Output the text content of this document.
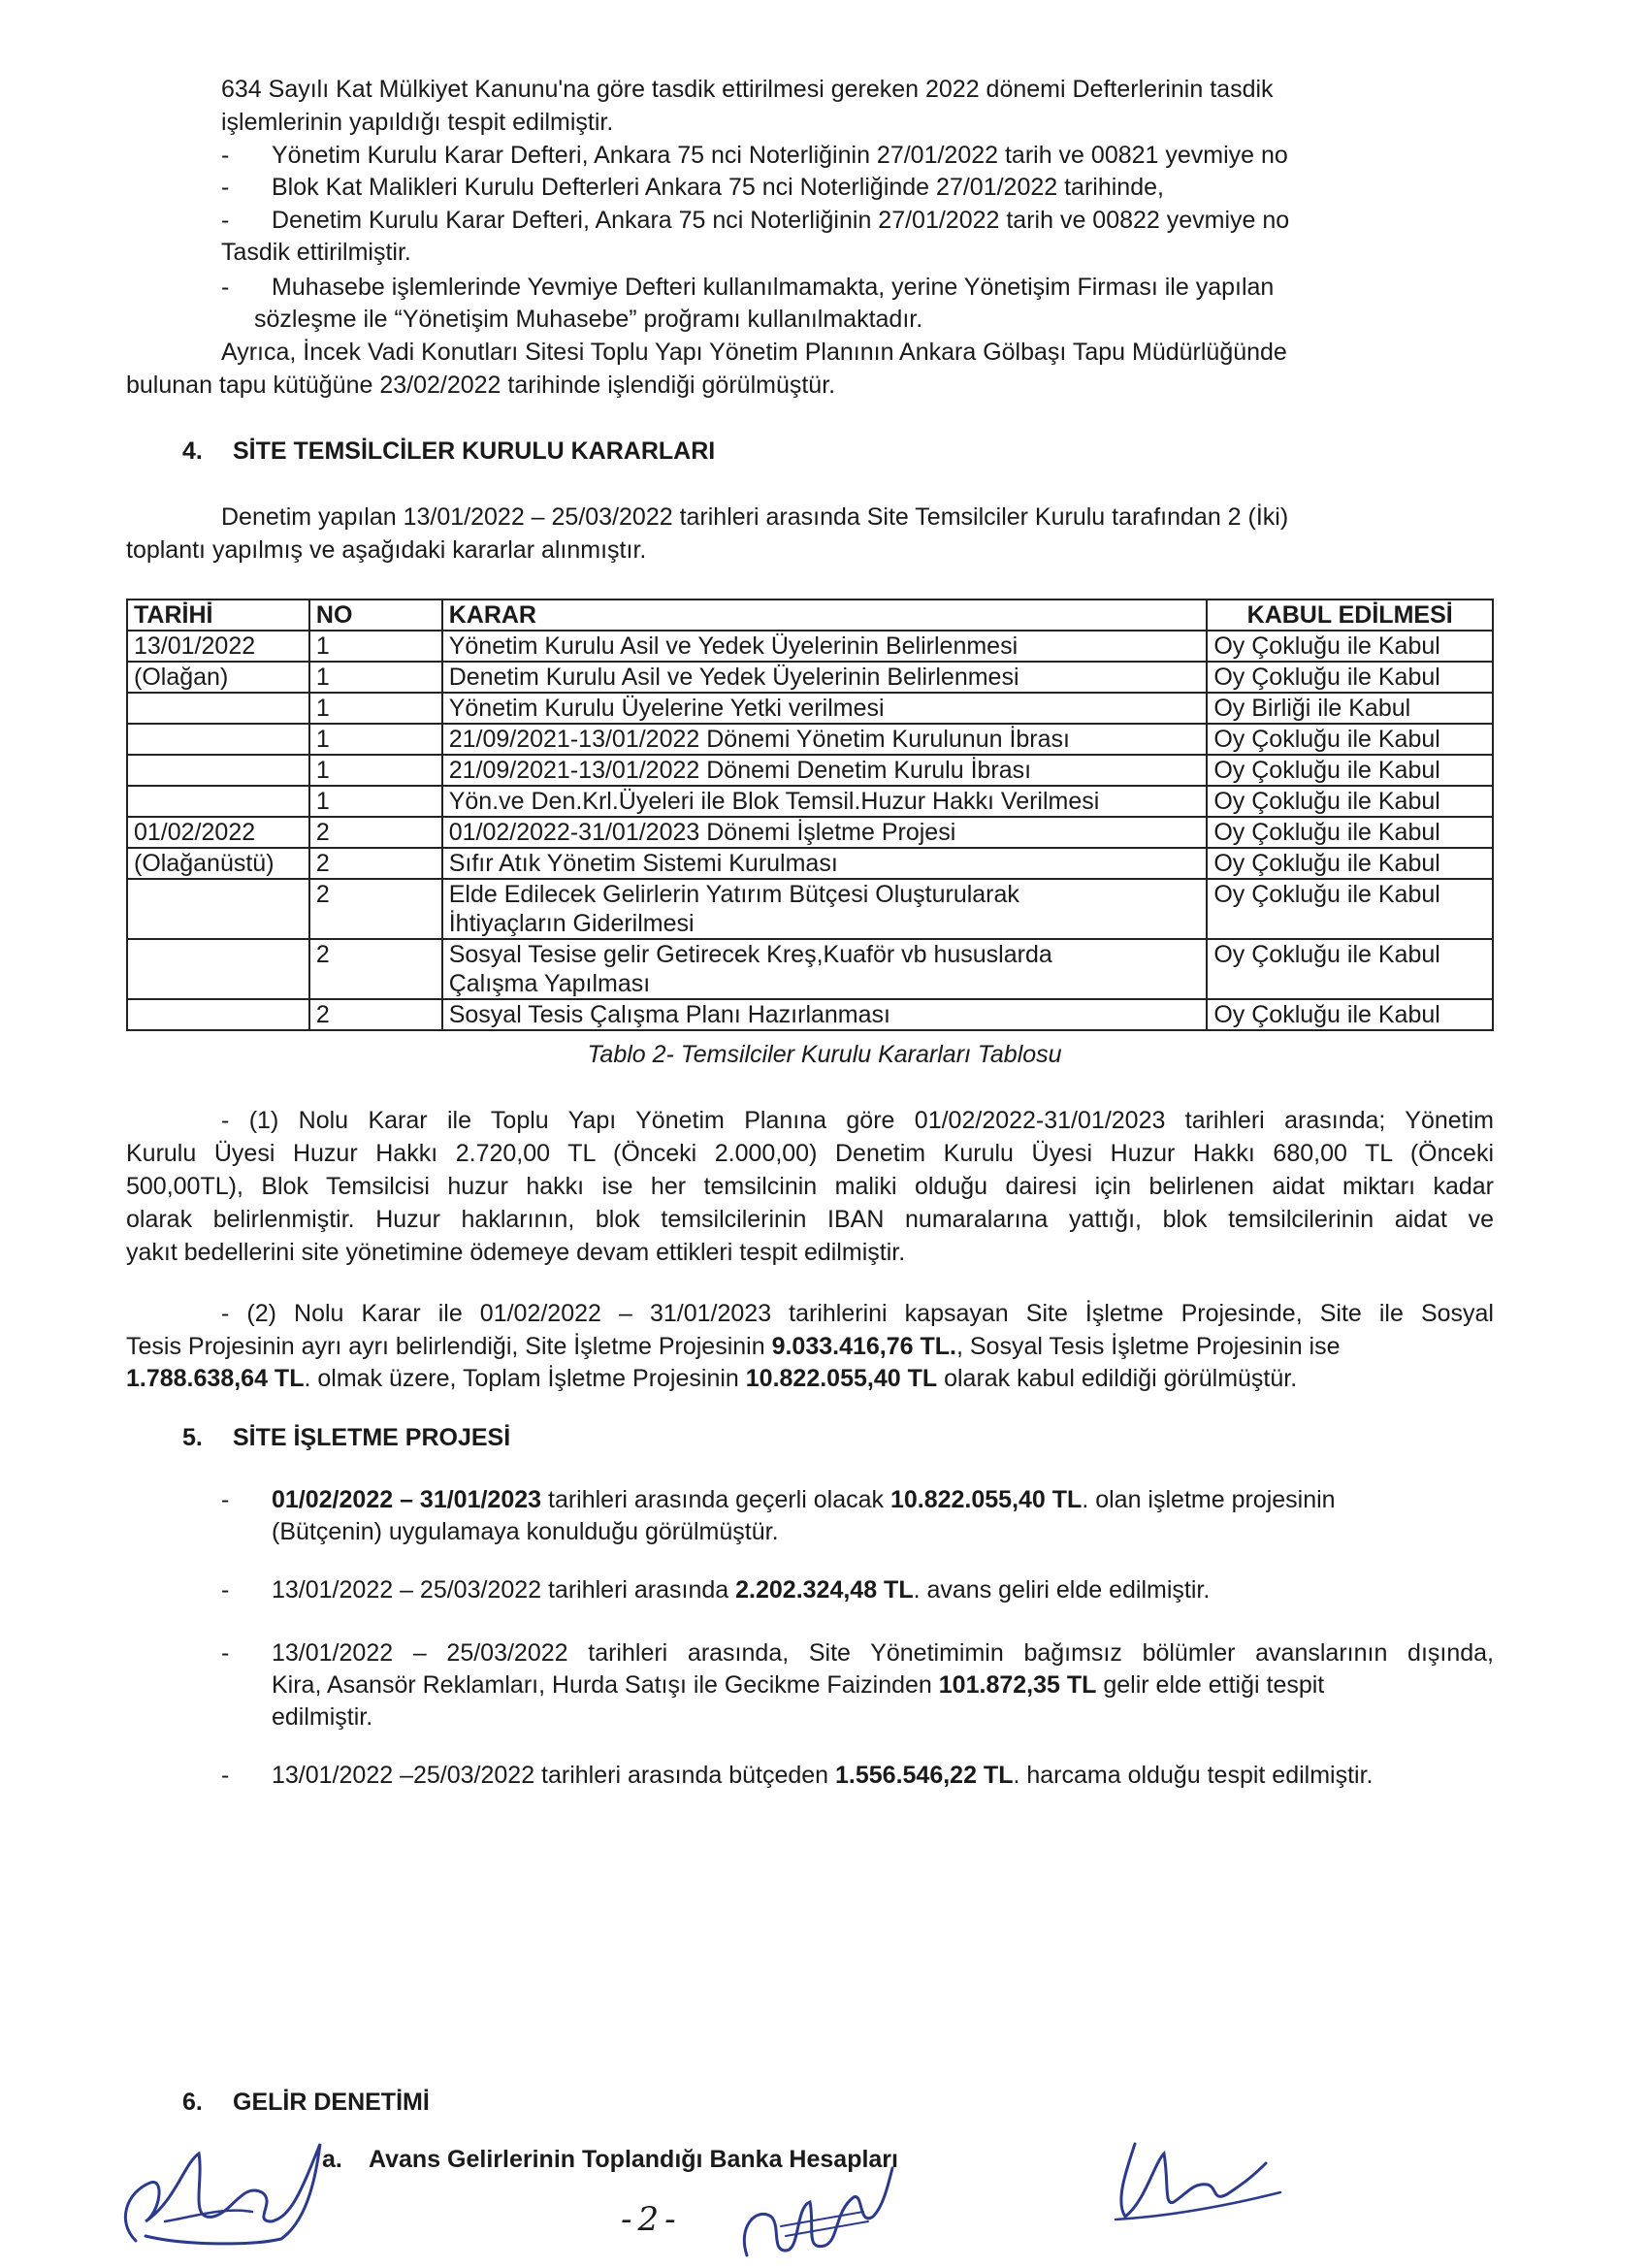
634 Sayılı Kat Mülkiyet Kanunu'na göre tasdik ettirilmesi gereken 2022 dönemi Defterlerinin tasdik
işlemlerinin yapıldığı tespit edilmiştir.
- Yönetim Kurulu Karar Defteri, Ankara 75 nci Noterliğinin 27/01/2022 tarih ve 00821 yevmiye no
- Blok Kat Malikleri Kurulu Defterleri Ankara 75 nci Noterliğinde 27/01/2022 tarihinde,
- Denetim Kurulu Karar Defteri, Ankara 75 nci Noterliğinin 27/01/2022 tarih ve 00822 yevmiye no
Tasdik ettirilmiştir.
- Muhasebe işlemlerinde Yevmiye Defteri kullanılmamakta, yerine Yönetişim Firması ile yapılan
sözleşme ile “Yönetişim Muhasebe” proğramı kullanılmaktadır.
Ayrıca, İncek Vadi Konutları Sitesi Toplu Yapı Yönetim Planının Ankara Gölbaşı Tapu Müdürlüğünde
bulunan tapu kütüğüne 23/02/2022 tarihinde işlendiği görülmüştür.
4. SİTE TEMSİLCİLER KURULU KARARLARI
Denetim yapılan 13/01/2022 – 25/03/2022 tarihleri arasında Site Temsilciler Kurulu tarafından 2 (İki)
toplantı yapılmış ve aşağıdaki kararlar alınmıştır.
TARİHİ	NO	KARAR	KABUL EDİLMESİ
13/01/2022	1	Yönetim Kurulu Asil ve Yedek Üyelerinin Belirlenmesi	Oy Çokluğu ile Kabul
(Olağan)	1	Denetim Kurulu Asil ve Yedek Üyelerinin Belirlenmesi	Oy Çokluğu ile Kabul
	1	Yönetim Kurulu Üyelerine Yetki verilmesi	Oy Birliği ile Kabul
	1	21/09/2021-13/01/2022 Dönemi Yönetim Kurulunun İbrası	Oy Çokluğu ile Kabul
	1	21/09/2021-13/01/2022 Dönemi Denetim Kurulu İbrası	Oy Çokluğu ile Kabul
	1	Yön.ve Den.Krl.Üyeleri ile Blok Temsil.Huzur Hakkı Verilmesi	Oy Çokluğu ile Kabul
01/02/2022	2	01/02/2022-31/01/2023 Dönemi İşletme Projesi	Oy Çokluğu ile Kabul
(Olağanüstü)	2	Sıfır Atık Yönetim Sistemi Kurulması	Oy Çokluğu ile Kabul
	2	Elde Edilecek Gelirlerin Yatırım Bütçesi Oluşturularak
İhtiyaçların Giderilmesi	Oy Çokluğu ile Kabul
	2	Sosyal Tesise gelir Getirecek Kreş,Kuaför vb hususlarda
Çalışma Yapılması	Oy Çokluğu ile Kabul
	2	Sosyal Tesis Çalışma Planı Hazırlanması	Oy Çokluğu ile Kabul
Tablo 2- Temsilciler Kurulu Kararları Tablosu
- (1) Nolu Karar ile Toplu Yapı Yönetim Planına göre 01/02/2022-31/01/2023 tarihleri arasında; Yönetim
Kurulu Üyesi Huzur Hakkı 2.720,00 TL (Önceki 2.000,00) Denetim Kurulu Üyesi Huzur Hakkı 680,00 TL (Önceki
500,00TL), Blok Temsilcisi huzur hakkı ise her temsilcinin maliki olduğu dairesi için belirlenen aidat miktarı kadar
olarak belirlenmiştir. Huzur haklarının, blok temsilcilerinin IBAN numaralarına yattığı, blok temsilcilerinin aidat ve
yakıt bedellerini site yönetimine ödemeye devam ettikleri tespit edilmiştir.
- (2) Nolu Karar ile 01/02/2022 – 31/01/2023 tarihlerini kapsayan Site İşletme Projesinde, Site ile Sosyal
Tesis Projesinin ayrı ayrı belirlendiği, Site İşletme Projesinin 9.033.416,76 TL., Sosyal Tesis İşletme Projesinin ise
1.788.638,64 TL. olmak üzere, Toplam İşletme Projesinin 10.822.055,40 TL olarak kabul edildiği görülmüştür.
5. SİTE İŞLETME PROJESİ
- 01/02/2022 – 31/01/2023 tarihleri arasında geçerli olacak 10.822.055,40 TL. olan işletme projesinin
(Bütçenin) uygulamaya konulduğu görülmüştür.
- 13/01/2022 – 25/03/2022 tarihleri arasında 2.202.324,48 TL. avans geliri elde edilmiştir.
- 13/01/2022 – 25/03/2022 tarihleri arasında, Site Yönetimimin bağımsız bölümler avanslarının dışında,
Kira, Asansör Reklamları, Hurda Satışı ile Gecikme Faizinden 101.872,35 TL gelir elde ettiği tespit
edilmiştir.
- 13/01/2022 –25/03/2022 tarihleri arasında bütçeden 1.556.546,22 TL. harcama olduğu tespit edilmiştir.
6. GELİR DENETİMİ
a. Avans Gelirlerinin Toplandığı Banka Hesapları
-2-
